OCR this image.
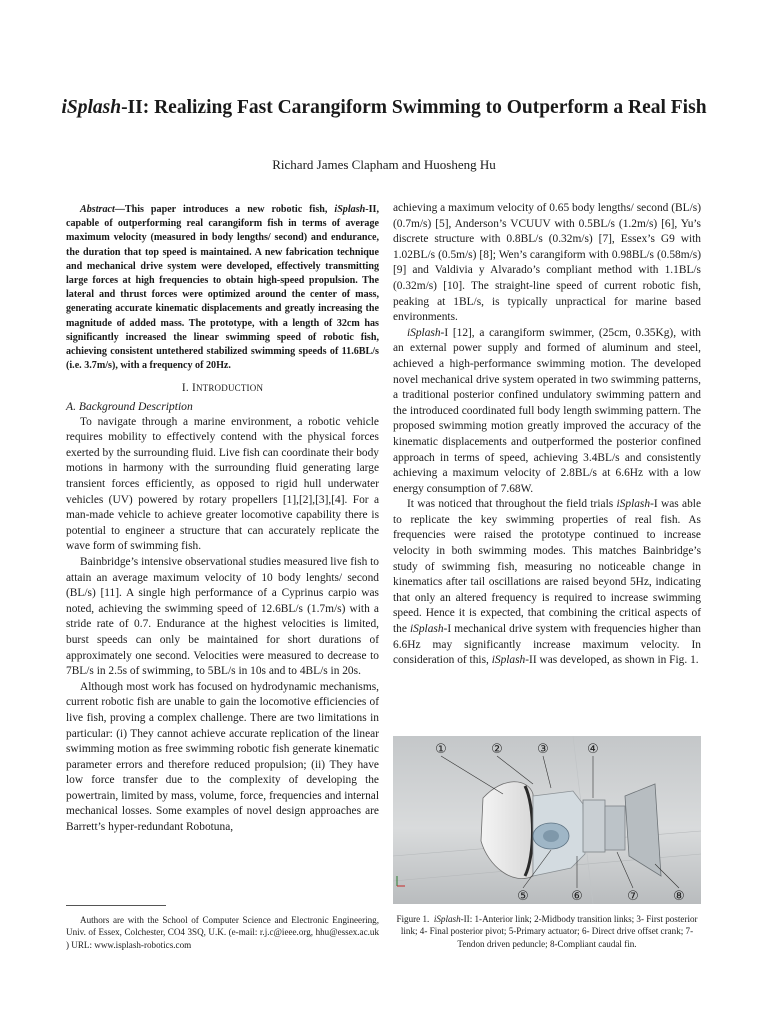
iSplash-II: Realizing Fast Carangiform Swimming to Outperform a Real Fish
Richard James Clapham and Huosheng Hu

Abstract—This paper introduces a new robotic fish, iSplash-II, capable of outperforming real carangiform fish in terms of average maximum velocity (measured in body lengths/ second) and endurance, the duration that top speed is maintained. A new fabrication technique and mechanical drive system were developed, effectively transmitting large forces at high frequencies to obtain high-speed propulsion. The lateral and thrust forces were optimized around the center of mass, generating accurate kinematic displacements and greatly increasing the magnitude of added mass. The prototype, with a length of 32cm has significantly increased the linear swimming speed of robotic fish, achieving consistent untethered stabilized swimming speeds of 11.6BL/s (i.e. 3.7m/s), with a frequency of 20Hz.

I. INTRODUCTION

A. Background Description

To navigate through a marine environment, a robotic vehicle requires mobility to effectively contend with the physical forces exerted by the surrounding fluid. Live fish can coordinate their body motions in harmony with the surrounding fluid generating large transient forces efficiently, as opposed to rigid hull underwater vehicles (UV) powered by rotary propellers [1],[2],[3],[4]. For a man-made vehicle to achieve greater locomotive capability there is potential to engineer a structure that can accurately replicate the wave form of swimming fish.

Bainbridge’s intensive observational studies measured live fish to attain an average maximum velocity of 10 body lenghts/ second (BL/s) [11]. A single high performance of a Cyprinus carpio was noted, achieving the swimming speed of 12.6BL/s (1.7m/s) with a stride rate of 0.7. Endurance at the highest velocities is limited, burst speeds can only be maintained for short durations of approximately one second. Velocities were measured to decrease to 7BL/s in 2.5s of swimming, to 5BL/s in 10s and to 4BL/s in 20s.

Although most work has focused on hydrodynamic mechanisms, current robotic fish are unable to gain the locomotive efficiencies of live fish, proving a complex challenge. There are two limitations in particular: (i) They cannot achieve accurate replication of the linear swimming motion as free swimming robotic fish generate kinematic parameter errors and therefore reduced propulsion; (ii) They have low force transfer due to the complexity of developing the powertrain, limited by mass, volume, force, frequencies and internal mechanical losses. Some examples of novel design approaches are Barrett’s hyper-redundant Robotuna,

Authors are with the School of Computer Science and Electronic Engineering, Univ. of Essex, Colchester, CO4 3SQ, U.K. (e-mail: r.j.c@ieee.org, hhu@essex.ac.uk ) URL: www.isplash-robotics.com

achieving a maximum velocity of 0.65 body lengths/ second (BL/s) (0.7m/s) [5], Anderson’s VCUUV with 0.5BL/s (1.2m/s) [6], Yu’s discrete structure with 0.8BL/s (0.32m/s) [7], Essex’s G9 with 1.02BL/s (0.5m/s) [8]; Wen’s carangiform with 0.98BL/s (0.58m/s) [9] and Valdivia y Alvarado’s compliant method with 1.1BL/s (0.32m/s) [10]. The straight-line speed of current robotic fish, peaking at 1BL/s, is typically unpractical for marine based environments.

iSplash-I [12], a carangiform swimmer, (25cm, 0.35Kg), with an external power supply and formed of aluminum and steel, achieved a high-performance swimming motion. The developed novel mechanical drive system operated in two swimming patterns, a traditional posterior confined undulatory swimming pattern and the introduced coordinated full body length swimming pattern. The proposed swimming motion greatly improved the accuracy of the kinematic displacements and outperformed the posterior confined approach in terms of speed, achieving 3.4BL/s and consistently achieving a maximum velocity of 2.8BL/s at 6.6Hz with a low energy consumption of 7.68W.

It was noticed that throughout the field trials iSplash-I was able to replicate the key swimming properties of real fish. As frequencies were raised the prototype continued to increase velocity in both swimming modes. This matches Bainbridge’s study of swimming fish, measuring no noticeable change in kinematics after tail oscillations are raised beyond 5Hz, indicating that only an altered frequency is required to increase swimming speed. Hence it is expected, that combining the critical aspects of the iSplash-I mechanical drive system with frequencies higher than 6.6Hz may significantly increase maximum velocity. In consideration of this, iSplash-II was developed, as shown in Fig. 1.

①	②	③	④
⑤	⑥	⑦	⑧
Figure 1. iSplash-II: 1-Anterior link; 2-Midbody transition links; 3- First posterior link; 4- Final posterior pivot; 5-Primary actuator; 6- Direct drive offset crank; 7- Tendon driven peduncle; 8-Compliant caudal fin.
